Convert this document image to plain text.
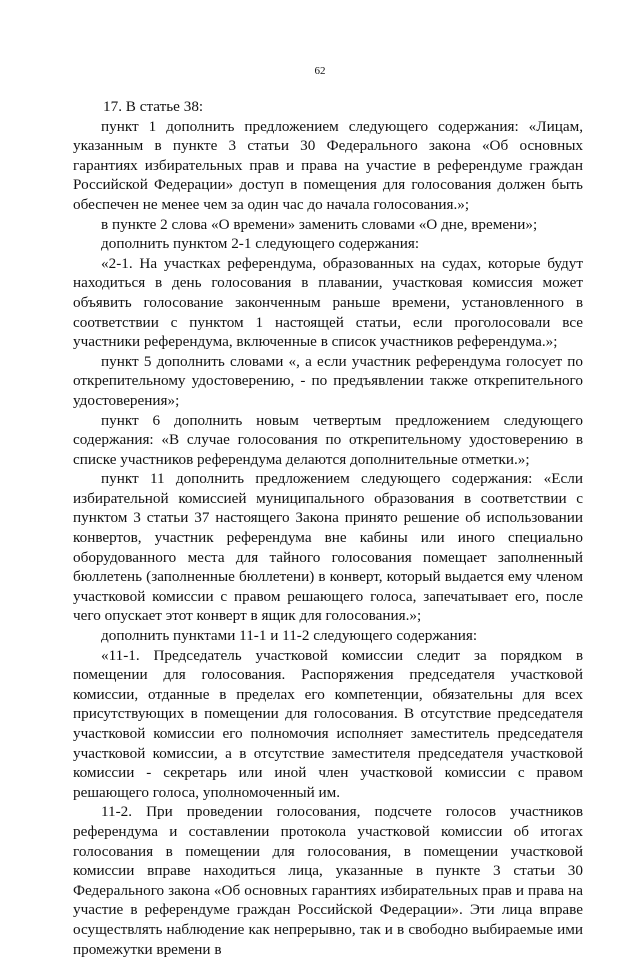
62

17. В статье 38:

пункт 1 дополнить предложением следующего содержания: «Лицам, указанным в пункте 3 статьи 30 Федерального закона «Об основных гарантиях избирательных прав и права на участие в референдуме граждан Российской Федерации» доступ в помещения для голосования должен быть обеспечен не менее чем за один час до начала голосования.»;

в пункте 2 слова «О времени» заменить словами «О дне, времени»;

дополнить пунктом 2-1 следующего содержания:

«2-1. На участках референдума, образованных на судах, которые будут находиться в день голосования в плавании, участковая комиссия может объявить голосование законченным раньше времени, установленного в соответствии с пунктом 1 настоящей статьи, если проголосовали все участники референдума, включенные в список участников референдума.»;

пункт 5 дополнить словами «, а если участник референдума голосует по открепительному удостоверению, - по предъявлении также открепительного удостоверения»;

пункт 6 дополнить новым четвертым предложением следующего содержания: «В случае голосования по открепительному удостоверению в списке участников референдума делаются дополнительные отметки.»;

пункт 11 дополнить предложением следующего содержания: «Если избирательной комиссией муниципального образования в соответствии с пунктом 3 статьи 37 настоящего Закона принято решение об использовании конвертов, участник референдума вне кабины или иного специально оборудованного места для тайного голосования помещает заполненный бюллетень (заполненные бюллетени) в конверт, который выдается ему членом участковой комиссии с правом решающего голоса, запечатывает его, после чего опускает этот конверт в ящик для голосования.»;

дополнить пунктами 11-1 и 11-2 следующего содержания:

«11-1. Председатель участковой комиссии следит за порядком в помещении для голосования. Распоряжения председателя участковой комиссии, отданные в пределах его компетенции, обязательны для всех присутствующих в помещении для голосования. В отсутствие председателя участковой комиссии его полномочия исполняет заместитель председателя участковой комиссии, а в отсутствие заместителя председателя участковой комиссии - секретарь или иной член участковой комиссии с правом решающего голоса, уполномоченный им.

11-2. При проведении голосования, подсчете голосов участников референдума и составлении протокола участковой комиссии об итогах голосования в помещении для голосования, в помещении участковой комиссии вправе находиться лица, указанные в пункте 3 статьи 30 Федерального закона «Об основных гарантиях избирательных прав и права на участие в референдуме граждан Российской Федерации». Эти лица вправе осуществлять наблюдение как непрерывно, так и в свободно выбираемые ими промежутки времени в
